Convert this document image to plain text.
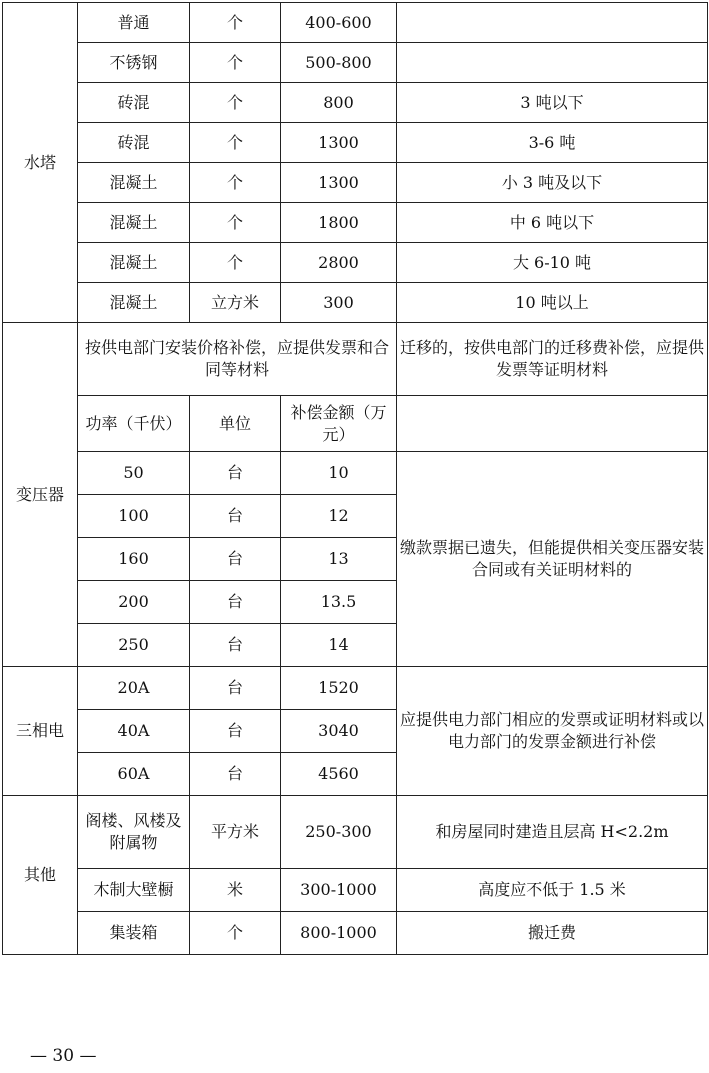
水塔	普通	个	400-600	
	不锈钢	个	500-800	
	砖混	个	800	3 吨以下
	砖混	个	1300	3-6 吨
	混凝土	个	1300	小 3 吨及以下
	混凝土	个	1800	中 6 吨以下
	混凝土	个	2800	大 6-10 吨
	混凝土	立方米	300	10 吨以上
变压器	按供电部门安装价格补偿，应提供发票和合同等材料			迁移的，按供电部门的迁移费补偿，应提供发票等证明材料
	功率（千伏）	单位	补偿金额（万元）	
	50	台	10	缴款票据已遗失，但能提供相关变压器安装合同或有关证明材料的
	100	台	12	
	160	台	13	
	200	台	13.5	
	250	台	14	
三相电	20A	台	1520	应提供电力部门相应的发票或证明材料或以电力部门的发票金额进行补偿
	40A	台	3040	
	60A	台	4560	
其他	阁楼、风楼及附属物	平方米	250-300	和房屋同时建造且层高 H<2.2m
	木制大壁橱	米	300-1000	高度应不低于 1.5 米
	集装箱	个	800-1000	搬迁费
— 30 —
